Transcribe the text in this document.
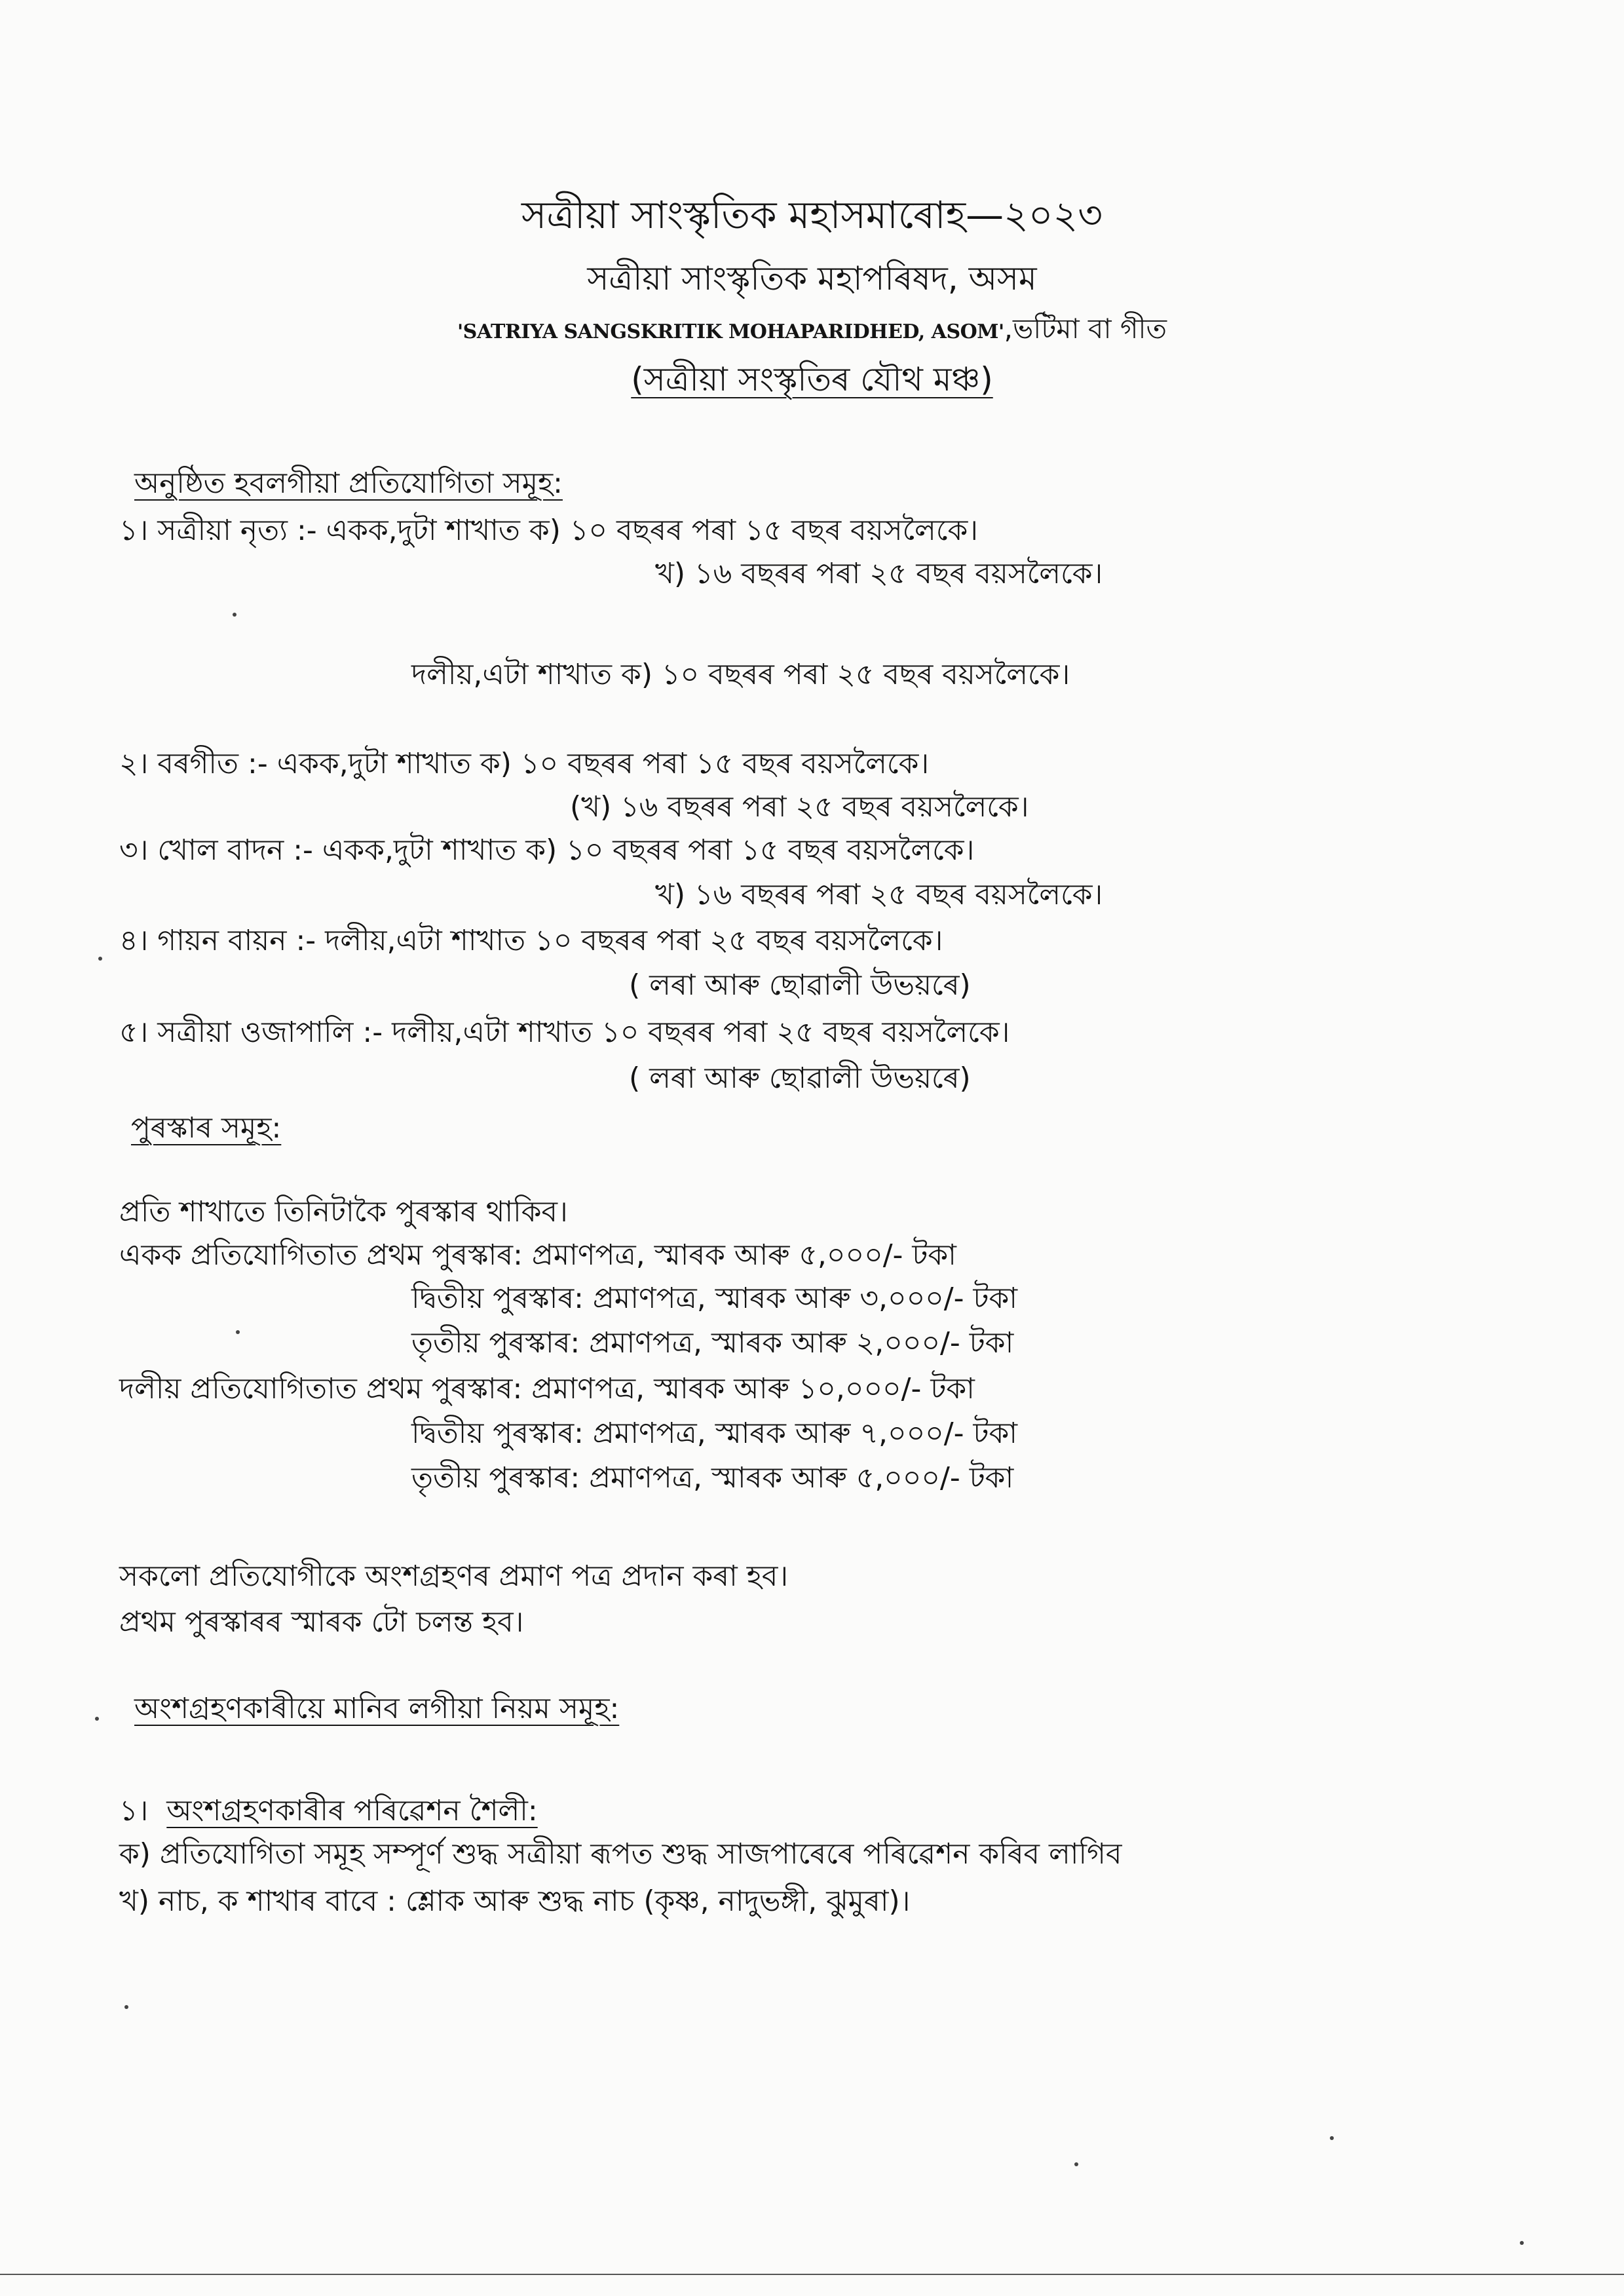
সত্ৰীয়া সাংস্কৃতিক মহাসমাৰোহ—২০২৩
সত্ৰীয়া সাংস্কৃতিক মহাপৰিষদ, অসম
'SATRIYA SANGSKRITIK MOHAPARIDHED, ASOM',ভটিমা বা গীত
(সত্ৰীয়া সংস্কৃতিৰ যৌথ মঞ্চ)
অনুষ্ঠিত হবলগীয়া প্ৰতিযোগিতা সমূহ:
১। সত্ৰীয়া নৃত্য :- একক,দুটা শাখাত ক) ১০ বছৰৰ পৰা ১৫ বছৰ বয়সলৈকে।
খ) ১৬ বছৰৰ পৰা ২৫ বছৰ বয়সলৈকে।
দলীয়,এটা শাখাত ক) ১০ বছৰৰ পৰা ২৫ বছৰ বয়সলৈকে।
২। বৰগীত :- একক,দুটা শাখাত ক) ১০ বছৰৰ পৰা ১৫ বছৰ বয়সলৈকে।
(খ) ১৬ বছৰৰ পৰা ২৫ বছৰ বয়সলৈকে।
৩। খোল বাদন :- একক,দুটা শাখাত ক) ১০ বছৰৰ পৰা ১৫ বছৰ বয়সলৈকে।
খ) ১৬ বছৰৰ পৰা ২৫ বছৰ বয়সলৈকে।
৪। গায়ন বায়ন :- দলীয়,এটা শাখাত ১০ বছৰৰ পৰা ২৫ বছৰ বয়সলৈকে।
( লৰা আৰু ছোৱালী উভয়ৰে)
৫। সত্ৰীয়া ওজাপালি :- দলীয়,এটা শাখাত ১০ বছৰৰ পৰা ২৫ বছৰ বয়সলৈকে।
( লৰা আৰু ছোৱালী উভয়ৰে)
পুৰস্কাৰ সমূহ:
প্ৰতি শাখাতে তিনিটাকৈ পুৰস্কাৰ থাকিব।
একক প্ৰতিযোগিতাত প্ৰথম পুৰস্কাৰ: প্ৰমাণপত্ৰ, স্মাৰক আৰু ৫,০০০/- টকা
দ্বিতীয় পুৰস্কাৰ: প্ৰমাণপত্ৰ, স্মাৰক আৰু ৩,০০০/- টকা
তৃতীয় পুৰস্কাৰ: প্ৰমাণপত্ৰ, স্মাৰক আৰু ২,০০০/- টকা
দলীয় প্ৰতিযোগিতাত প্ৰথম পুৰস্কাৰ: প্ৰমাণপত্ৰ, স্মাৰক আৰু ১০,০০০/- টকা
দ্বিতীয় পুৰস্কাৰ: প্ৰমাণপত্ৰ, স্মাৰক আৰু ৭,০০০/- টকা
তৃতীয় পুৰস্কাৰ: প্ৰমাণপত্ৰ, স্মাৰক আৰু ৫,০০০/- টকা
সকলো প্ৰতিযোগীকে অংশগ্ৰহণৰ প্ৰমাণ পত্ৰ প্ৰদান কৰা হব।
প্ৰথম পুৰস্কাৰৰ স্মাৰক টো চলন্ত হব।
অংশগ্ৰহণকাৰীয়ে মানিব লগীয়া নিয়ম সমূহ:
১। অংশগ্ৰহণকাৰীৰ পৰিৱেশন শৈলী:
ক) প্ৰতিযোগিতা সমূহ সম্পূৰ্ণ শুদ্ধ সত্ৰীয়া ৰূপত শুদ্ধ সাজপাৰেৰে পৰিৱেশন কৰিব লাগিব
খ) নাচ, ক শাখাৰ বাবে : শ্লোক আৰু শুদ্ধ নাচ (কৃষ্ণ, নাদুভঙ্গী, ঝুমুৰা)।
